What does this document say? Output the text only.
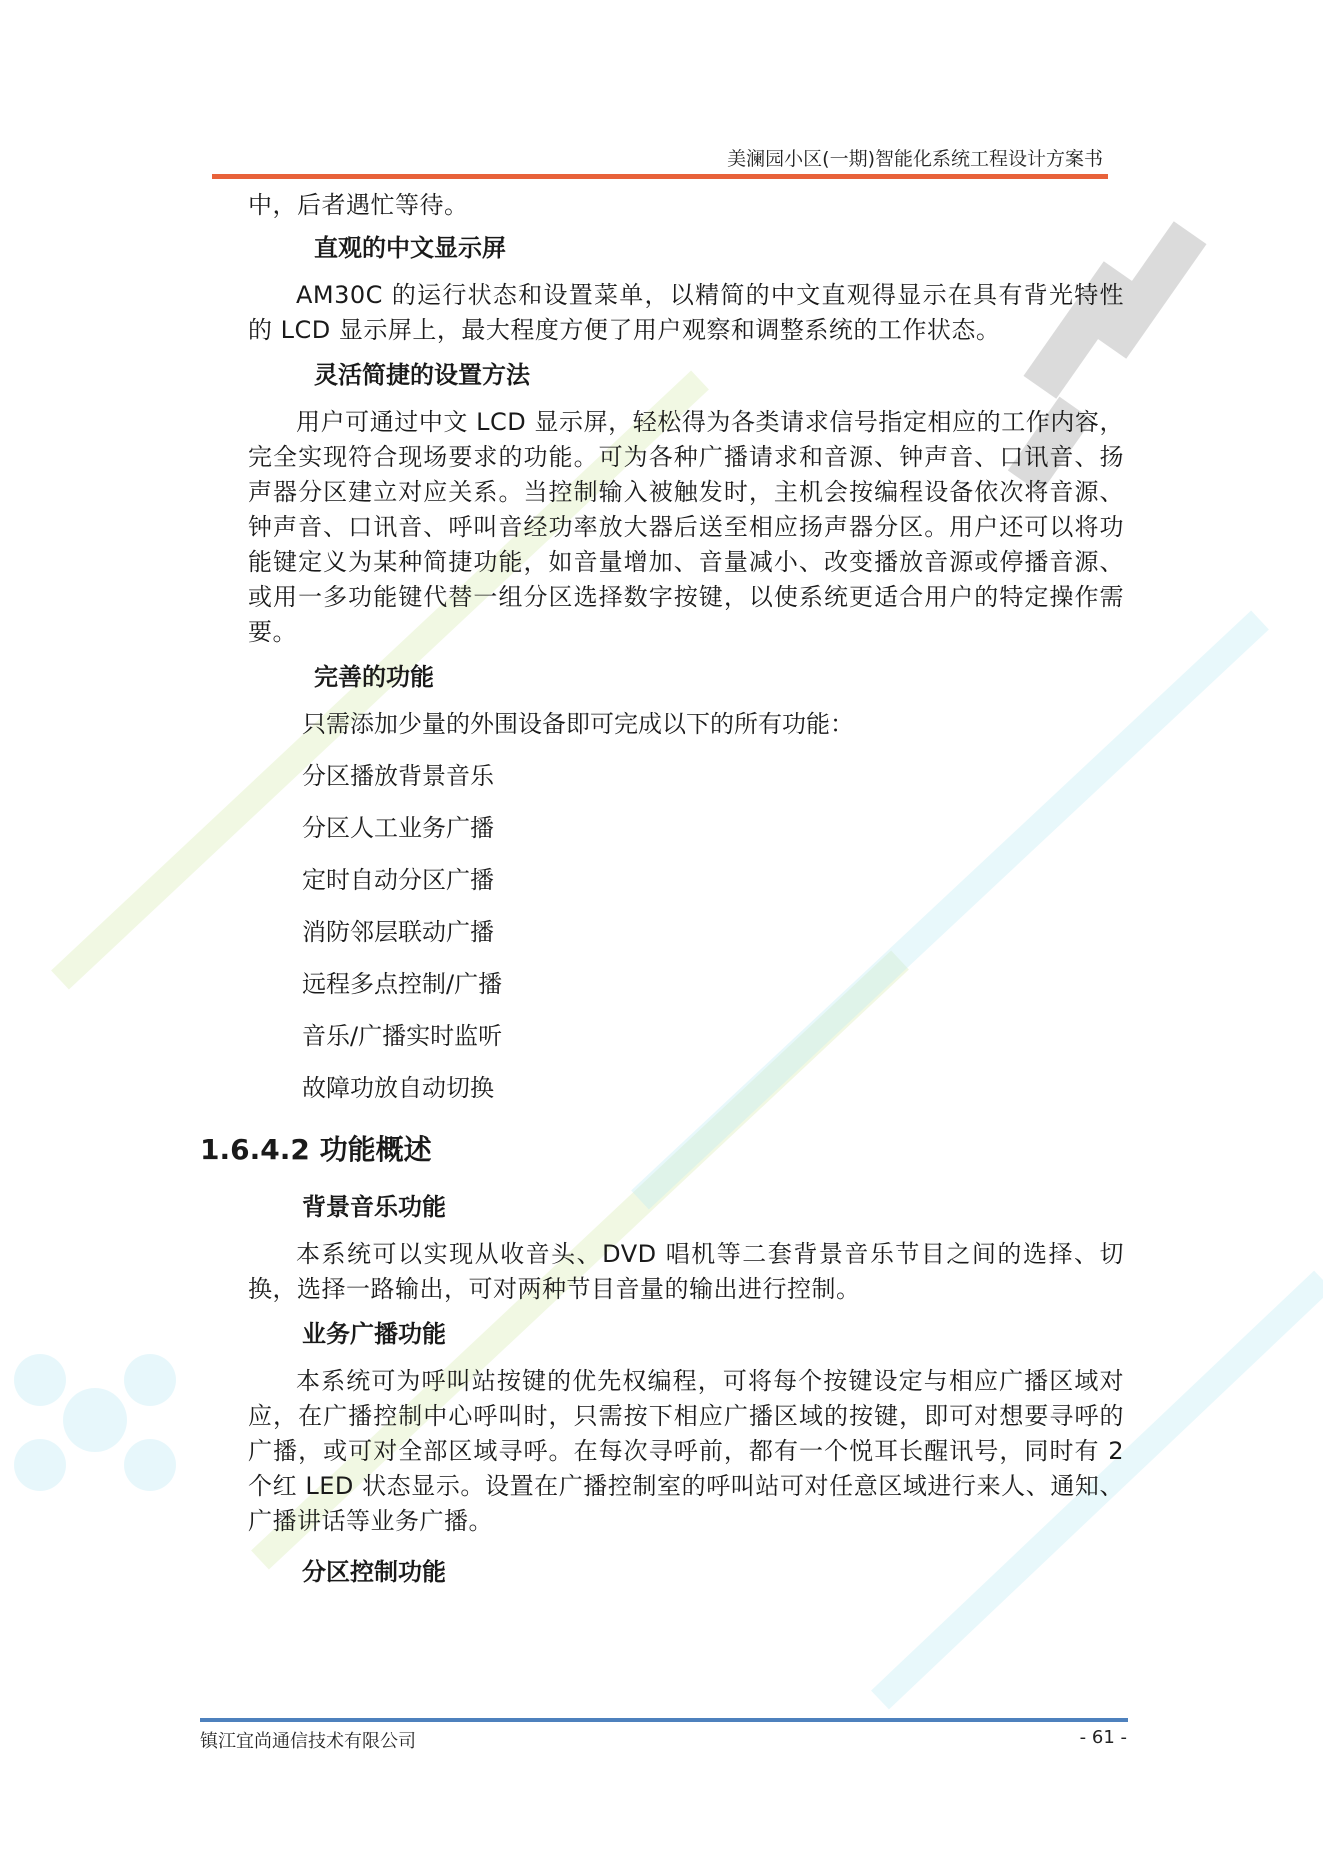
美澜园小区(一期)智能化系统工程设计方案书

中，后者遇忙等待。

直观的中文显示屏

AM30C 的运行状态和设置菜单，以精简的中文直观得显示在具有背光特性的 LCD 显示屏上，最大程度方便了用户观察和调整系统的工作状态。

灵活简捷的设置方法

用户可通过中文 LCD 显示屏，轻松得为各类请求信号指定相应的工作内容，完全实现符合现场要求的功能。可为各种广播请求和音源、钟声音、口讯音、扬声器分区建立对应关系。当控制输入被触发时，主机会按编程设备依次将音源、钟声音、口讯音、呼叫音经功率放大器后送至相应扬声器分区。用户还可以将功能键定义为某种简捷功能，如音量增加、音量减小、改变播放音源或停播音源、或用一多功能键代替一组分区选择数字按键，以使系统更适合用户的特定操作需要。

完善的功能

只需添加少量的外围设备即可完成以下的所有功能：

分区播放背景音乐

分区人工业务广播

定时自动分区广播

消防邻层联动广播

远程多点控制/广播

音乐/广播实时监听

故障功放自动切换

1.6.4.2 功能概述

背景音乐功能

本系统可以实现从收音头、DVD 唱机等二套背景音乐节目之间的选择、切换，选择一路输出，可对两种节目音量的输出进行控制。

业务广播功能

本系统可为呼叫站按键的优先权编程，可将每个按键设定与相应广播区域对应，在广播控制中心呼叫时，只需按下相应广播区域的按键，即可对想要寻呼的广播，或可对全部区域寻呼。在每次寻呼前，都有一个悦耳长醒讯号，同时有 2 个红 LED 状态显示。设置在广播控制室的呼叫站可对任意区域进行来人、通知、广播讲话等业务广播。

分区控制功能

镇江宜尚通信技术有限公司	- 61 -
